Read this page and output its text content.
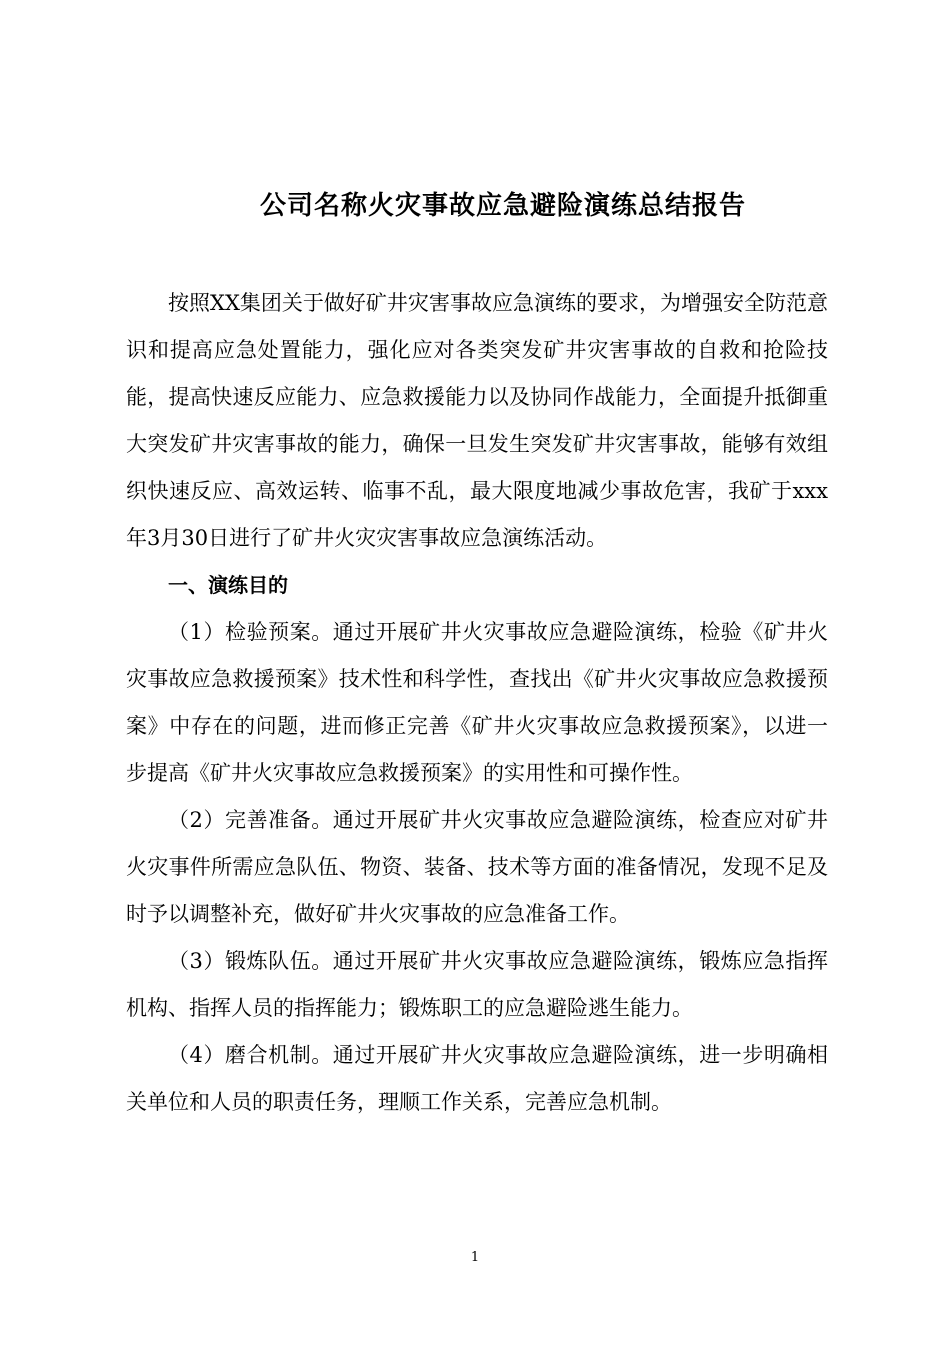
公司名称火灾事故应急避险演练总结报告

按照XX集团关于做好矿井灾害事故应急演练的要求，为增强安全防范意识和提高应急处置能力，强化应对各类突发矿井灾害事故的自救和抢险技能，提高快速反应能力、应急救援能力以及协同作战能力，全面提升抵御重大突发矿井灾害事故的能力，确保一旦发生突发矿井灾害事故，能够有效组织快速反应、高效运转、临事不乱，最大限度地减少事故危害，我矿于xxx年3月30日进行了矿井火灾灾害事故应急演练活动。

一、演练目的

（1）检验预案。通过开展矿井火灾事故应急避险演练，检验《矿井火灾事故应急救援预案》技术性和科学性，查找出《矿井火灾事故应急救援预案》中存在的问题，进而修正完善《矿井火灾事故应急救援预案》，以进一步提高《矿井火灾事故应急救援预案》的实用性和可操作性。

（2）完善准备。通过开展矿井火灾事故应急避险演练，检查应对矿井火灾事件所需应急队伍、物资、装备、技术等方面的准备情况，发现不足及时予以调整补充，做好矿井火灾事故的应急准备工作。

（3）锻炼队伍。通过开展矿井火灾事故应急避险演练，锻炼应急指挥机构、指挥人员的指挥能力；锻炼职工的应急避险逃生能力。

（4）磨合机制。通过开展矿井火灾事故应急避险演练，进一步明确相关单位和人员的职责任务，理顺工作关系，完善应急机制。

1
